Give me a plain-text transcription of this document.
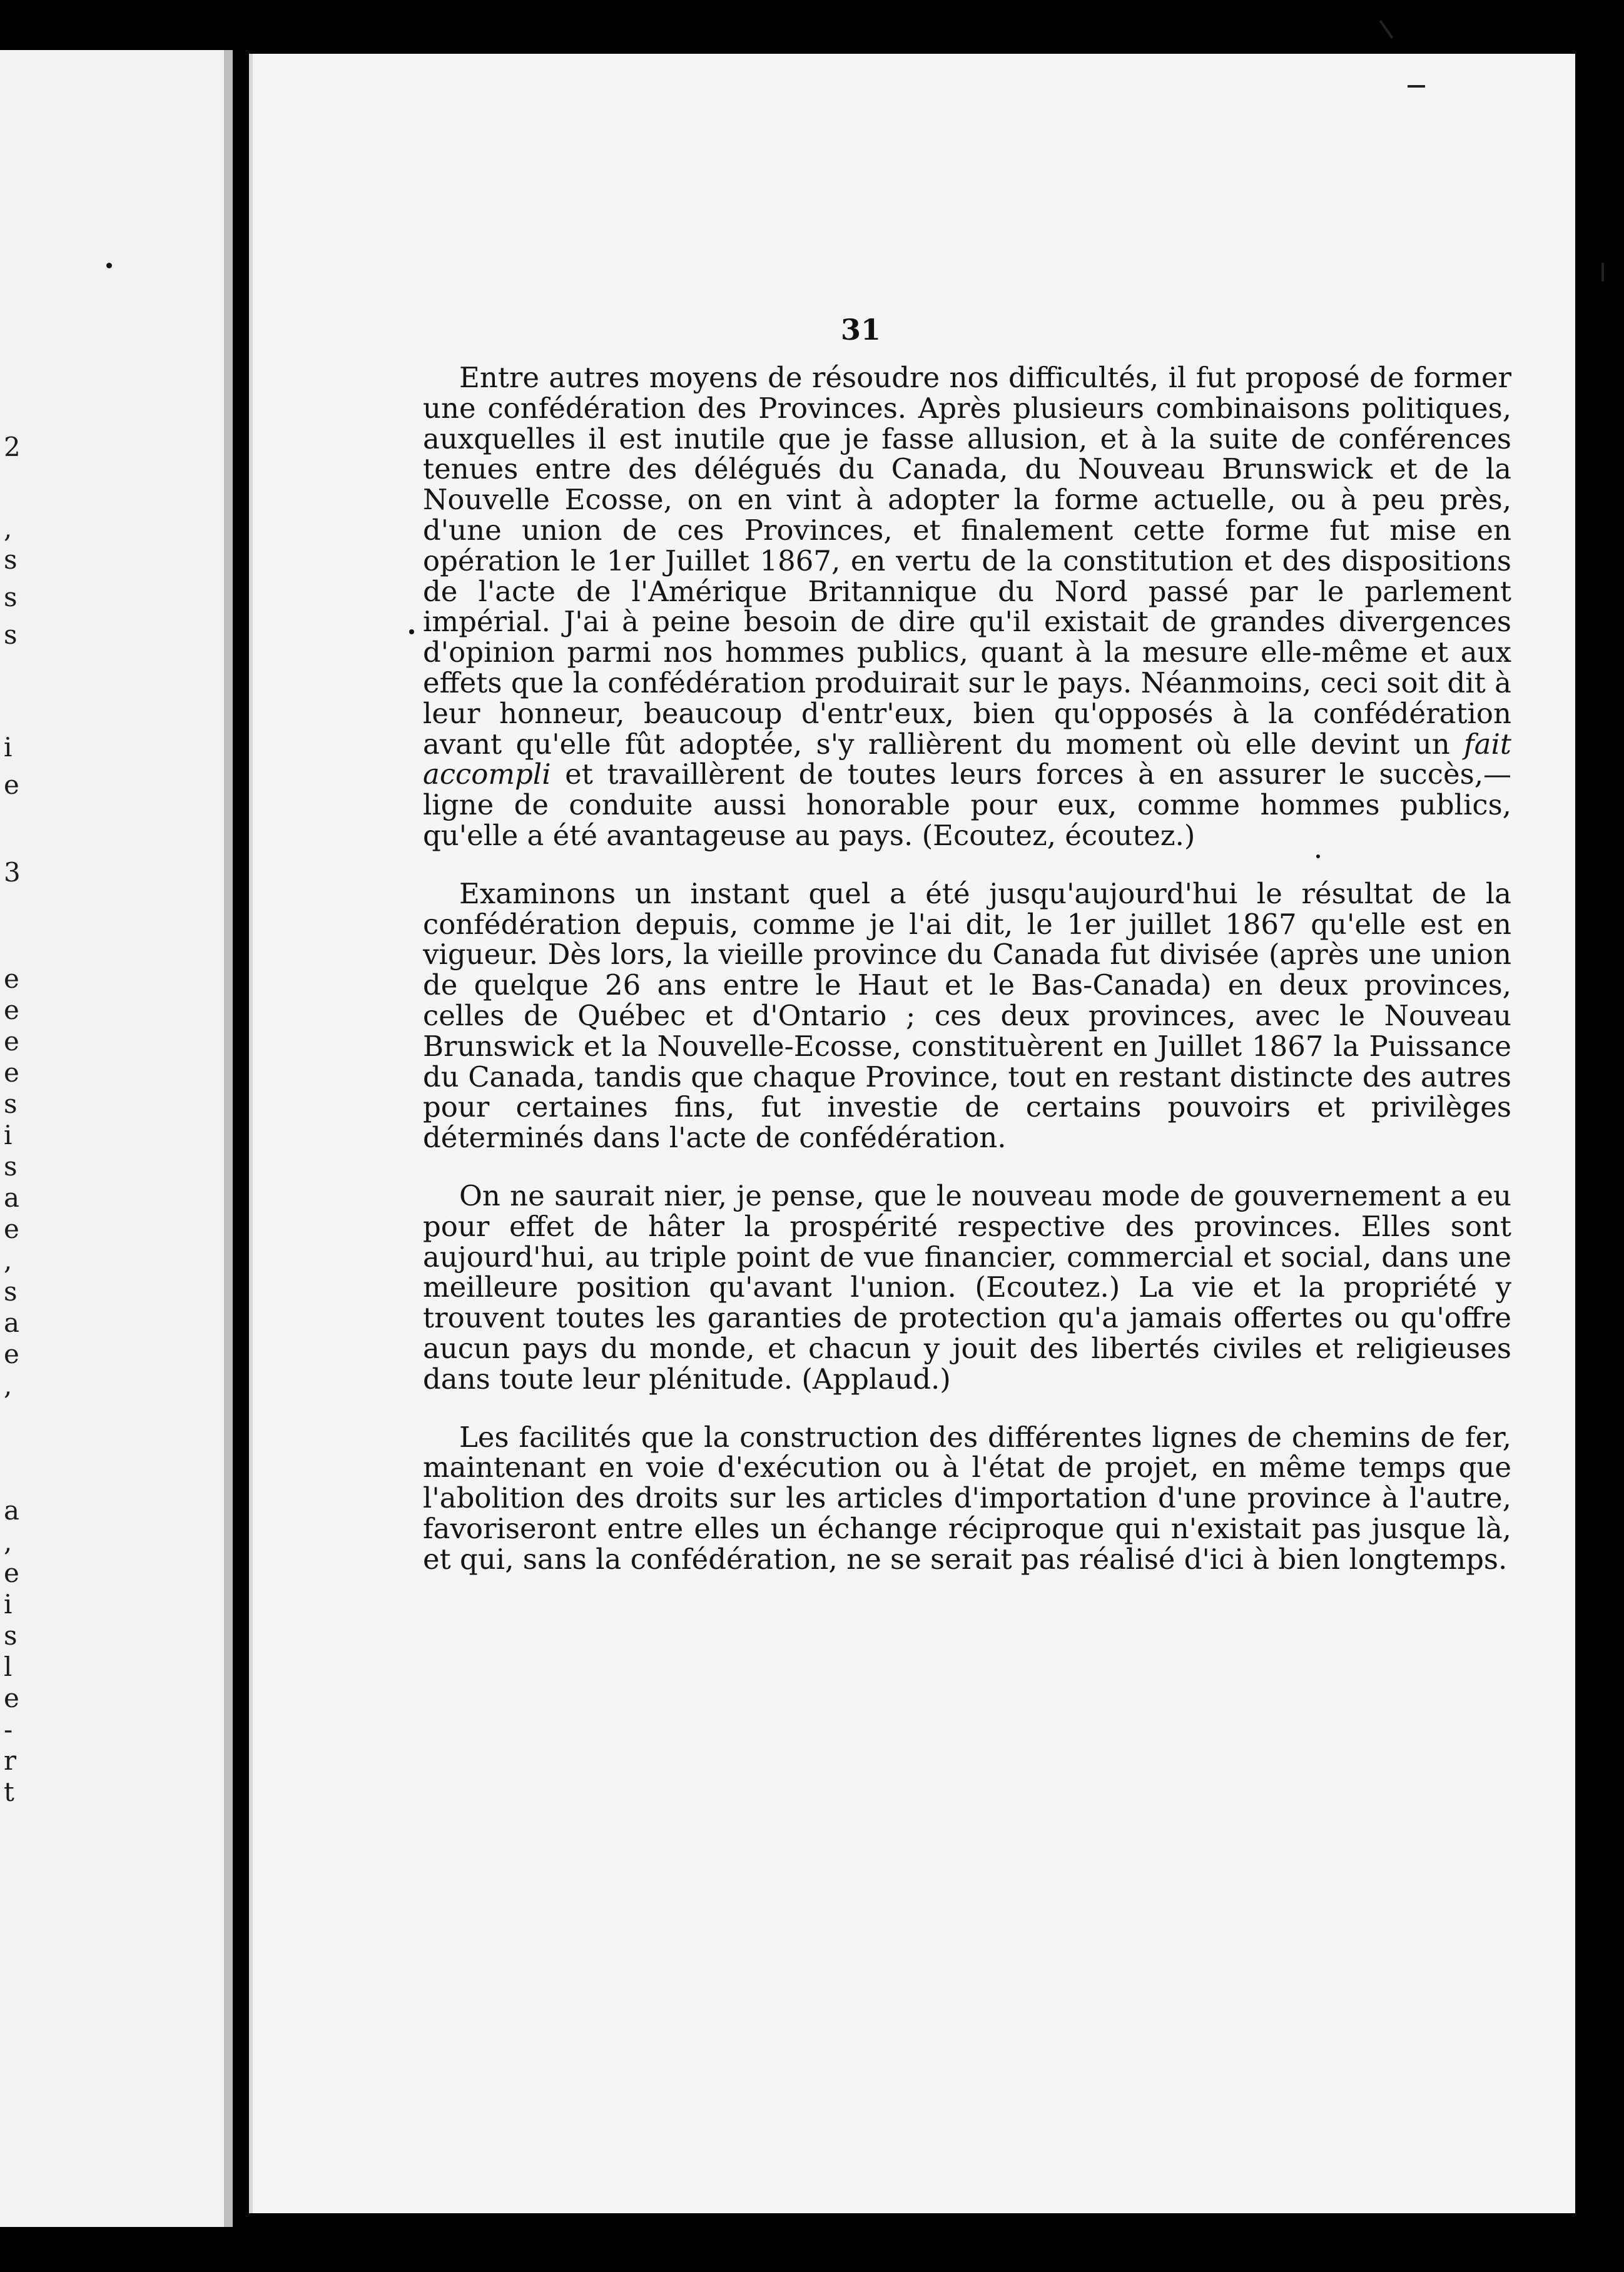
2
,
s
s
s
i
e
3
e
e
e
e
s
i
s
a
e
,
s
a
e
,
a
,
e
i
s
l
e
-
r
t
31

Entre autres moyens de résoudre nos difficultés, il fut proposé de former une confédération des Provinces. Après plusieurs combinaisons politiques, auxquelles il est inutile que je fasse allusion, et à la suite de conférences tenues entre des délégués du Canada, du Nouveau Brunswick et de la Nouvelle Ecosse, on en vint à adopter la forme actuelle, ou à peu près, d'une union de ces Provinces, et finalement cette forme fut mise en opération le 1er Juillet 1867, en vertu de la constitution et des dispositions de l'acte de l'Amérique Britannique du Nord passé par le parlement impérial. J'ai à peine besoin de dire qu'il existait de grandes divergences d'opinion parmi nos hommes publics, quant à la mesure elle-même et aux effets que la confédération produirait sur le pays. Néanmoins, ceci soit dit à leur honneur, beaucoup d'entr'eux, bien qu'opposés à la confédération avant qu'elle fût adoptée, s'y rallièrent du moment où elle devint un fait accompli et travaillèrent de toutes leurs forces à en assurer le succès,—ligne de conduite aussi honorable pour eux, comme hommes publics, qu'elle a été avantageuse au pays. (Ecoutez, écoutez.)

Examinons un instant quel a été jusqu'aujourd'hui le résultat de la confédération depuis, comme je l'ai dit, le 1er juillet 1867 qu'elle est en vigueur. Dès lors, la vieille province du Canada fut divisée (après une union de quelque 26 ans entre le Haut et le Bas-Canada) en deux provinces, celles de Québec et d'Ontario ; ces deux provinces, avec le Nouveau Brunswick et la Nouvelle-Ecosse, constituèrent en Juillet 1867 la Puissance du Canada, tandis que chaque Province, tout en restant distincte des autres pour certaines fins, fut investie de certains pouvoirs et privilèges déterminés dans l'acte de confédération.

On ne saurait nier, je pense, que le nouveau mode de gouvernement a eu pour effet de hâter la prospérité respective des provinces. Elles sont aujourd'hui, au triple point de vue financier, commercial et social, dans une meilleure position qu'avant l'union. (Ecoutez.) La vie et la propriété y trouvent toutes les garanties de protection qu'a jamais offertes ou qu'offre aucun pays du monde, et chacun y jouit des libertés civiles et religieuses dans toute leur plénitude. (Applaud.)

Les facilités que la construction des différentes lignes de chemins de fer, maintenant en voie d'exécution ou à l'état de projet, en même temps que l'abolition des droits sur les articles d'importation d'une province à l'autre, favoriseront entre elles un échange réciproque qui n'existait pas jusque là, et qui, sans la confédération, ne se serait pas réalisé d'ici à bien longtemps.
